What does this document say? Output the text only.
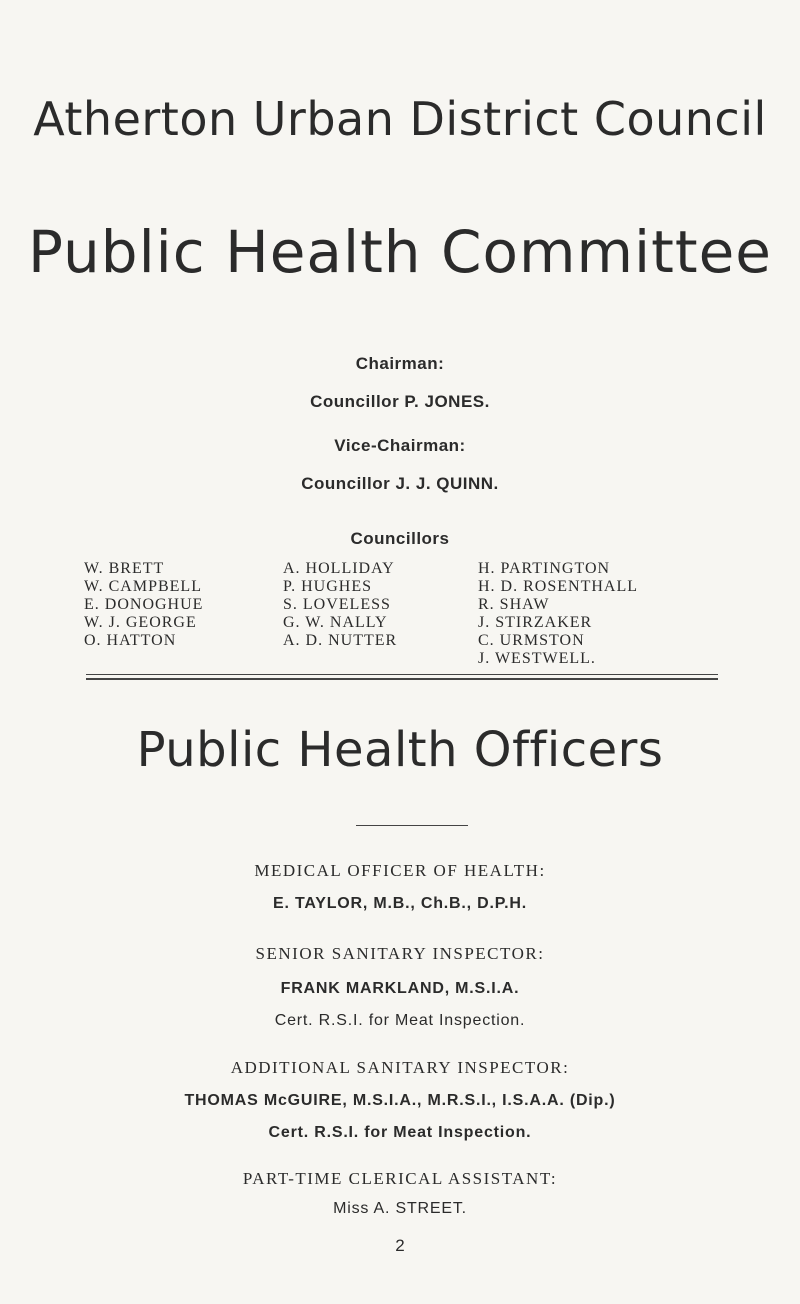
Atherton Urban District Council
Public Health Committee
Chairman:
Councillor P. JONES.
Vice-Chairman:
Councillor J. J. QUINN.
Councillors
W. BRETT
W. CAMPBELL
E. DONOGHUE
W. J. GEORGE
O. HATTON
A. HOLLIDAY
P. HUGHES
S. LOVELESS
G. W. NALLY
A. D. NUTTER
H. PARTINGTON
H. D. ROSENTHALL
R. SHAW
J. STIRZAKER
C. URMSTON
J. WESTWELL.
Public Health Officers
MEDICAL OFFICER OF HEALTH:
E. TAYLOR, M.B., Ch.B., D.P.H.
SENIOR SANITARY INSPECTOR:
FRANK MARKLAND, M.S.I.A.
Cert. R.S.I. for Meat Inspection.
ADDITIONAL SANITARY INSPECTOR:
THOMAS McGUIRE, M.S.I.A., M.R.S.I., I.S.A.A. (Dip.)
Cert. R.S.I. for Meat Inspection.
PART-TIME CLERICAL ASSISTANT:
Miss A. STREET.
2
